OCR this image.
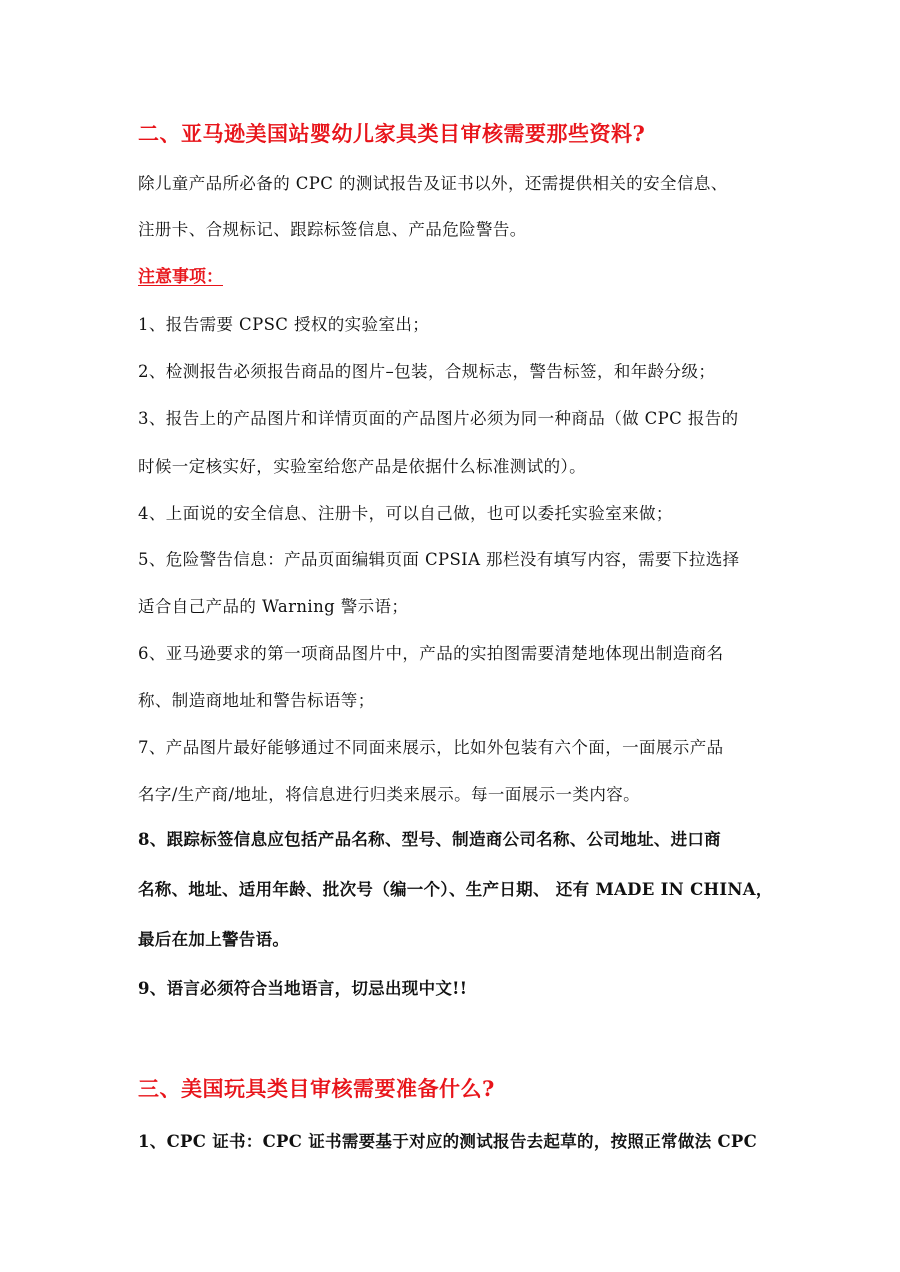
二、亚马逊美国站婴幼儿家具类目审核需要那些资料?
除儿童产品所必备的 CPC 的测试报告及证书以外，还需提供相关的安全信息、
注册卡、合规标记、跟踪标签信息、产品危险警告。
注意事项：
1、报告需要 CPSC 授权的实验室出；
2、检测报告必须报告商品的图片–包装，合规标志，警告标签，和年龄分级；
3、报告上的产品图片和详情页面的产品图片必须为同一种商品（做 CPC 报告的
时候一定核实好，实验室给您产品是依据什么标准测试的）。
4、上面说的安全信息、注册卡，可以自己做，也可以委托实验室来做；
5、危险警告信息：产品页面编辑页面 CPSIA 那栏没有填写内容，需要下拉选择
适合自己产品的 Warning 警示语；
6、亚马逊要求的第一项商品图片中，产品的实拍图需要清楚地体现出制造商名
称、制造商地址和警告标语等；
7、产品图片最好能够通过不同面来展示，比如外包装有六个面，一面展示产品
名字/生产商/地址，将信息进行归类来展示。每一面展示一类内容。
8、跟踪标签信息应包括产品名称、型号、制造商公司名称、公司地址、进口商
名称、地址、适用年龄、批次号（编一个）、生产日期、 还有 MADE IN CHINA，
最后在加上警告语。
9、语言必须符合当地语言，切忌出现中文!!
三、美国玩具类目审核需要准备什么?
1、CPC 证书：CPC 证书需要基于对应的测试报告去起草的，按照正常做法 CPC
